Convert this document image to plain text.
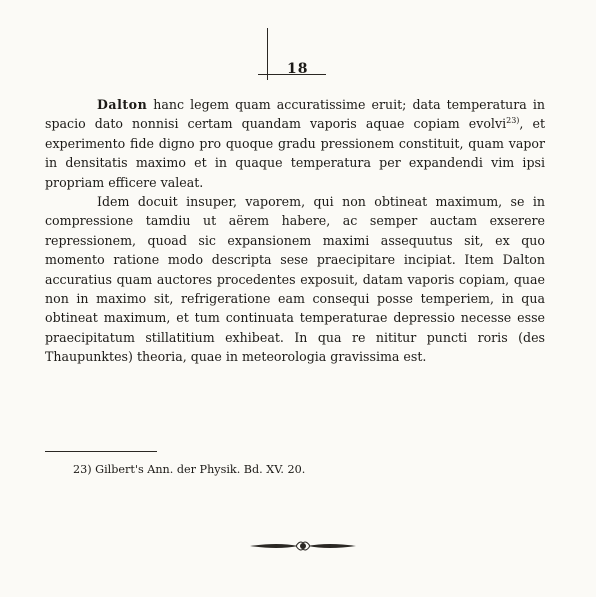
18

Dalton hanc legem quam accuratissime eruit; data temperatura in spacio dato nonnisi certam quandam vaporis aquae copiam evolvi$^{23)}$, et experimento fide digno pro quoque gradu pressionem constituit, quam vapor in densitatis maximo et in quaque temperatura per expandendi vim ipsi propriam efficere valeat.

Idem docuit insuper, vaporem, qui non obtineat maximum, se in compressione tamdiu ut aërem habere, ac semper auctam exserere repressionem, quoad sic expansionem maximi assequutus sit, ex quo momento ratione modo descripta sese praecipitare incipiat. Item Dalton accuratius quam auctores procedentes exposuit, datam vaporis copiam, quae non in maximo sit, refrigeratione eam consequi posse temperiem, in qua obtineat maximum, et tum continuata temperaturae depressio necesse esse praecipitatum stillatitium exhibeat. In qua re nititur puncti roris (des Thaupunktes) theoria, quae in meteorologia gravissima est.

23) Gilbert's Ann. der Physik. Bd. XV. 20.
